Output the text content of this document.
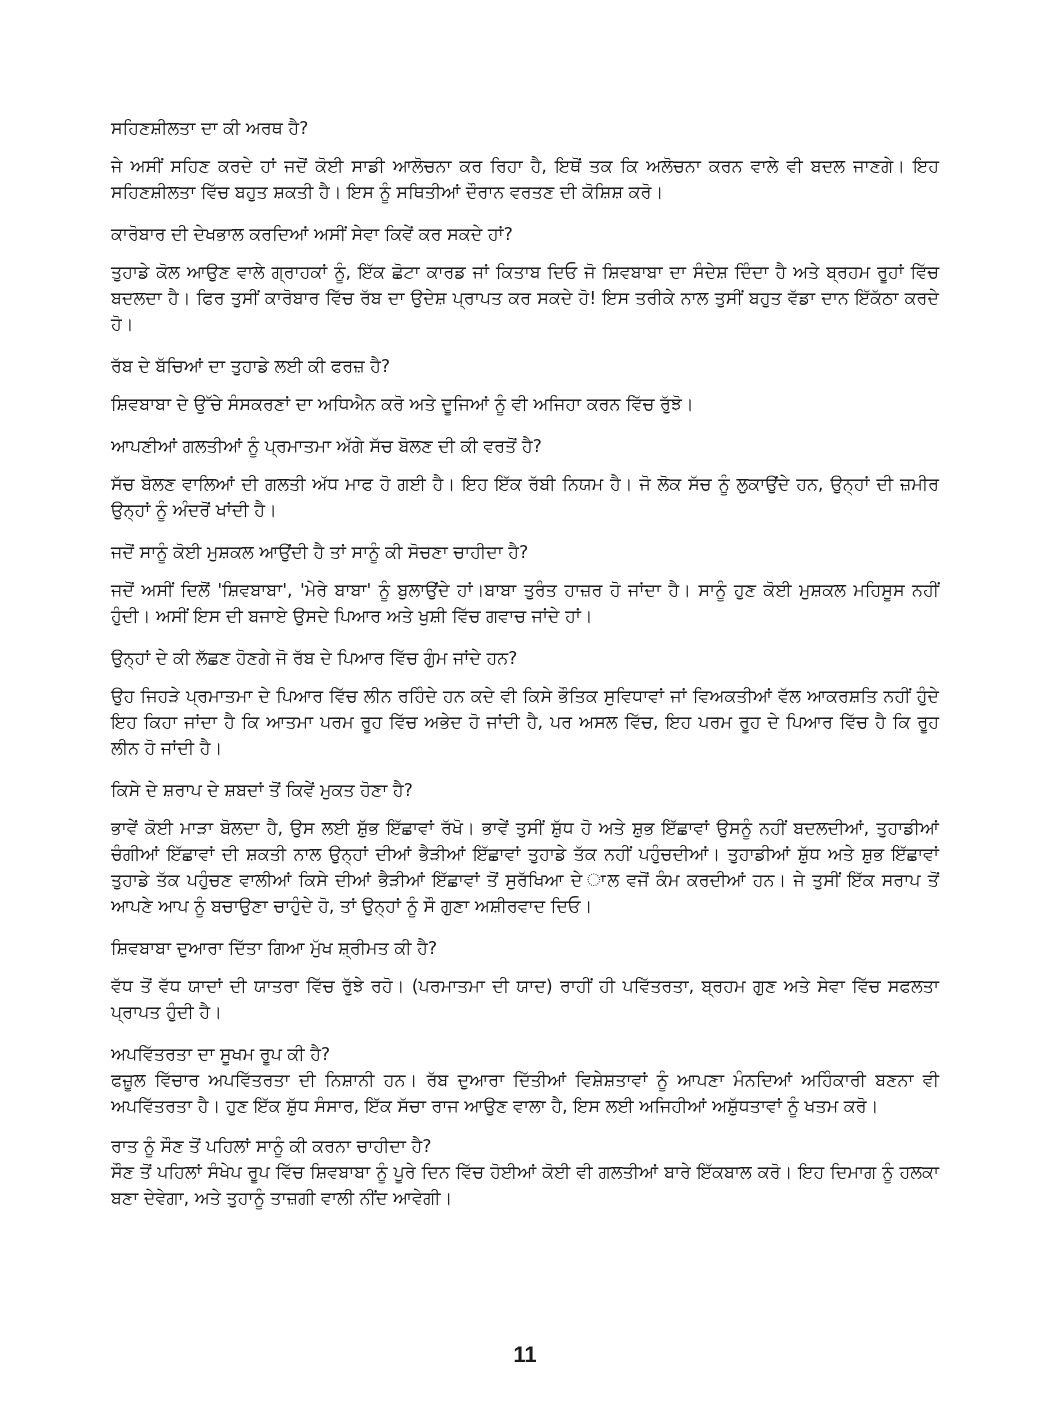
ਸਹਿਣਸ਼ੀਲਤਾ ਦਾ ਕੀ ਅਰਥ ਹੈ?

ਜੇ ਅਸੀਂ ਸਹਿਣ ਕਰਦੇ ਹਾਂ ਜਦੋਂ ਕੋਈ ਸਾਡੀ ਆਲੋਚਨਾ ਕਰ ਰਿਹਾ ਹੈ, ਇਥੋਂ ਤਕ ਕਿ ਅਲੋਚਨਾ ਕਰਨ ਵਾਲੇ ਵੀ ਬਦਲ ਜਾਣਗੇ। ਇਹ ਸਹਿਣਸ਼ੀਲਤਾ ਵਿੱਚ ਬਹੁਤ ਸ਼ਕਤੀ ਹੈ। ਇਸ ਨੂੰ ਸਥਿਤੀਆਂ ਦੌਰਾਨ ਵਰਤਣ ਦੀ ਕੋਸ਼ਿਸ਼ ਕਰੋ।

ਕਾਰੋਬਾਰ ਦੀ ਦੇਖਭਾਲ ਕਰਦਿਆਂ ਅਸੀਂ ਸੇਵਾ ਕਿਵੇਂ ਕਰ ਸਕਦੇ ਹਾਂ?

ਤੁਹਾਡੇ ਕੋਲ ਆਉਣ ਵਾਲੇ ਗ੍ਰਾਹਕਾਂ ਨੂੰ, ਇੱਕ ਛੋਟਾ ਕਾਰਡ ਜਾਂ ਕਿਤਾਬ ਦਿਓ ਜੋ ਸ਼ਿਵਬਾਬਾ ਦਾ ਸੰਦੇਸ਼ ਦਿੰਦਾ ਹੈ ਅਤੇ ਬ੍ਰਹਮ ਰੂਹਾਂ ਵਿੱਚ ਬਦਲਦਾ ਹੈ। ਫਿਰ ਤੁਸੀਂ ਕਾਰੋਬਾਰ ਵਿੱਚ ਰੱਬ ਦਾ ਉਦੇਸ਼ ਪ੍ਰਾਪਤ ਕਰ ਸਕਦੇ ਹੋ! ਇਸ ਤਰੀਕੇ ਨਾਲ ਤੁਸੀਂ ਬਹੁਤ ਵੱਡਾ ਦਾਨ ਇੱਕੱਠਾ ਕਰਦੇ ਹੋ।

ਰੱਬ ਦੇ ਬੱਚਿਆਂ ਦਾ ਤੁਹਾਡੇ ਲਈ ਕੀ ਫਰਜ਼ ਹੈ?

ਸ਼ਿਵਬਾਬਾ ਦੇ ਉੱਚੇ ਸੰਸਕਰਣਾਂ ਦਾ ਅਧਿਐਨ ਕਰੋ ਅਤੇ ਦੂਜਿਆਂ ਨੂੰ ਵੀ ਅਜਿਹਾ ਕਰਨ ਵਿੱਚ ਰੁੱਝੋ।

ਆਪਣੀਆਂ ਗਲਤੀਆਂ ਨੂੰ ਪ੍ਰਮਾਤਮਾ ਅੱਗੇ ਸੱਚ ਬੋਲਣ ਦੀ ਕੀ ਵਰਤੋਂ ਹੈ?

ਸੱਚ ਬੋਲਣ ਵਾਲਿਆਂ ਦੀ ਗਲਤੀ ਅੱਧ ਮਾਫ ਹੋ ਗਈ ਹੈ। ਇਹ ਇੱਕ ਰੱਬੀ ਨਿਯਮ ਹੈ। ਜੋ ਲੋਕ ਸੱਚ ਨੂੰ ਲੁਕਾਉਂਦੇ ਹਨ, ਉਨ੍ਹਾਂ ਦੀ ਜ਼ਮੀਰ ਉਨ੍ਹਾਂ ਨੂੰ ਅੰਦਰੋਂ ਖਾਂਦੀ ਹੈ।

ਜਦੋਂ ਸਾਨੂੰ ਕੋਈ ਮੁਸ਼ਕਲ ਆਉਂਦੀ ਹੈ ਤਾਂ ਸਾਨੂੰ ਕੀ ਸੋਚਣਾ ਚਾਹੀਦਾ ਹੈ?

ਜਦੋਂ ਅਸੀਂ ਦਿਲੋਂ 'ਸ਼ਿਵਬਾਬਾ', 'ਮੇਰੇ ਬਾਬਾ' ਨੂੰ ਬੁਲਾਉਂਦੇ ਹਾਂ।ਬਾਬਾ ਤੁਰੰਤ ਹਾਜ਼ਰ ਹੋ ਜਾਂਦਾ ਹੈ। ਸਾਨੂੰ ਹੁਣ ਕੋਈ ਮੁਸ਼ਕਲ ਮਹਿਸੂਸ ਨਹੀਂ ਹੁੰਦੀ। ਅਸੀਂ ਇਸ ਦੀ ਬਜਾਏ ਉਸਦੇ ਪਿਆਰ ਅਤੇ ਖੁਸ਼ੀ ਵਿੱਚ ਗਵਾਚ ਜਾਂਦੇ ਹਾਂ।

ਉਨ੍ਹਾਂ ਦੇ ਕੀ ਲੱਛਣ ਹੋਣਗੇ ਜੋ ਰੱਬ ਦੇ ਪਿਆਰ ਵਿੱਚ ਗੁੰਮ ਜਾਂਦੇ ਹਨ?

ਉਹ ਜਿਹੜੇ ਪ੍ਰਮਾਤਮਾ ਦੇ ਪਿਆਰ ਵਿੱਚ ਲੀਨ ਰਹਿੰਦੇ ਹਨ ਕਦੇ ਵੀ ਕਿਸੇ ਭੌਤਿਕ ਸੁਵਿਧਾਵਾਂ ਜਾਂ ਵਿਅਕਤੀਆਂ ਵੱਲ ਆਕਰਸ਼ਤਿ ਨਹੀਂ ਹੁੰਦੇ ਇਹ ਕਿਹਾ ਜਾਂਦਾ ਹੈ ਕਿ ਆਤਮਾ ਪਰਮ ਰੂਹ ਵਿੱਚ ਅਭੇਦ ਹੋ ਜਾਂਦੀ ਹੈ, ਪਰ ਅਸਲ ਵਿੱਚ, ਇਹ ਪਰਮ ਰੂਹ ਦੇ ਪਿਆਰ ਵਿੱਚ ਹੈ ਕਿ ਰੂਹ ਲੀਨ ਹੋ ਜਾਂਦੀ ਹੈ।

ਕਿਸੇ ਦੇ ਸ਼ਰਾਪ ਦੇ ਸ਼ਬਦਾਂ ਤੋਂ ਕਿਵੇਂ ਮੁਕਤ ਹੋਣਾ ਹੈ?

ਭਾਵੇਂ ਕੋਈ ਮਾੜਾ ਬੋਲਦਾ ਹੈ, ਉਸ ਲਈ ਸ਼ੁੱਭ ਇੱਛਾਵਾਂ ਰੱਖੋ। ਭਾਵੇਂ ਤੁਸੀਂ ਸ਼ੁੱਧ ਹੋ ਅਤੇ ਸ਼ੁਭ ਇੱਛਾਵਾਂ ਉਸਨੂੰ ਨਹੀਂ ਬਦਲਦੀਆਂ, ਤੁਹਾਡੀਆਂ ਚੰਗੀਆਂ ਇੱਛਾਵਾਂ ਦੀ ਸ਼ਕਤੀ ਨਾਲ ਉਨ੍ਹਾਂ ਦੀਆਂ ਭੈੜੀਆਂ ਇੱਛਾਵਾਂ ਤੁਹਾਡੇ ਤੱਕ ਨਹੀਂ ਪਹੁੰਚਦੀਆਂ। ਤੁਹਾਡੀਆਂ ਸ਼ੁੱਧ ਅਤੇ ਸ਼ੁਭ ਇੱਛਾਵਾਂ ਤੁਹਾਡੇ ਤੱਕ ਪਹੁੰਚਣ ਵਾਲੀਆਂ ਕਿਸੇ ਦੀਆਂ ਭੈੜੀਆਂ ਇੱਛਾਵਾਂ ਤੋਂ ਸੁਰੱਖਿਆ ਦੇ ਾਲ ਵਜੋਂ ਕੰਮ ਕਰਦੀਆਂ ਹਨ। ਜੇ ਤੁਸੀਂ ਇੱਕ ਸਰਾਪ ਤੋਂ ਆਪਣੇ ਆਪ ਨੂੰ ਬਚਾਉਣਾ ਚਾਹੁੰਦੇ ਹੋ, ਤਾਂ ਉਨ੍ਹਾਂ ਨੂੰ ਸੌ ਗੁਣਾ ਅਸ਼ੀਰਵਾਦ ਦਿਓ।

ਸ਼ਿਵਬਾਬਾ ਦੁਆਰਾ ਦਿੱਤਾ ਗਿਆ ਮੁੱਖ ਸ਼੍ਰੀਮਤ ਕੀ ਹੈ?

ਵੱਧ ਤੋਂ ਵੱਧ ਯਾਦਾਂ ਦੀ ਯਾਤਰਾ ਵਿੱਚ ਰੁੱਝੇ ਰਹੋ। (ਪਰਮਾਤਮਾ ਦੀ ਯਾਦ) ਰਾਹੀਂ ਹੀ ਪਵਿੱਤਰਤਾ, ਬ੍ਰਹਮ ਗੁਣ ਅਤੇ ਸੇਵਾ ਵਿੱਚ ਸਫਲਤਾ ਪ੍ਰਾਪਤ ਹੁੰਦੀ ਹੈ।

ਅਪਵਿੱਤਰਤਾ ਦਾ ਸੂਖਮ ਰੂਪ ਕੀ ਹੈ?

ਫਜ਼ੂਲ ਵਿੱਚਾਰ ਅਪਵਿੱਤਰਤਾ ਦੀ ਨਿਸ਼ਾਨੀ ਹਨ। ਰੱਬ ਦੁਆਰਾ ਦਿੱਤੀਆਂ ਵਿਸ਼ੇਸ਼ਤਾਵਾਂ ਨੂੰ ਆਪਣਾ ਮੰਨਦਿਆਂ ਅਹਿੰਕਾਰੀ ਬਣਨਾ ਵੀ ਅਪਵਿੱਤਰਤਾ ਹੈ। ਹੁਣ ਇੱਕ ਸ਼ੁੱਧ ਸੰਸਾਰ, ਇੱਕ ਸੱਚਾ ਰਾਜ ਆਉਣ ਵਾਲਾ ਹੈ, ਇਸ ਲਈ ਅਜਿਹੀਆਂ ਅਸ਼ੁੱਧਤਾਵਾਂ ਨੂੰ ਖਤਮ ਕਰੋ।

ਰਾਤ ਨੂੰ ਸੌਣ ਤੋਂ ਪਹਿਲਾਂ ਸਾਨੂੰ ਕੀ ਕਰਨਾ ਚਾਹੀਦਾ ਹੈ?

ਸੌਣ ਤੋਂ ਪਹਿਲਾਂ ਸੰਖੇਪ ਰੂਪ ਵਿੱਚ ਸ਼ਿਵਬਾਬਾ ਨੂੰ ਪੂਰੇ ਦਿਨ ਵਿੱਚ ਹੋਈਆਂ ਕੋਈ ਵੀ ਗਲਤੀਆਂ ਬਾਰੇ ਇੱਕਬਾਲ ਕਰੋ। ਇਹ ਦਿਮਾਗ ਨੂੰ ਹਲਕਾ ਬਣਾ ਦੇਵੇਗਾ, ਅਤੇ ਤੁਹਾਨੂੰ ਤਾਜ਼ਗੀ ਵਾਲੀ ਨੀਂਦ ਆਵੇਗੀ।

11
